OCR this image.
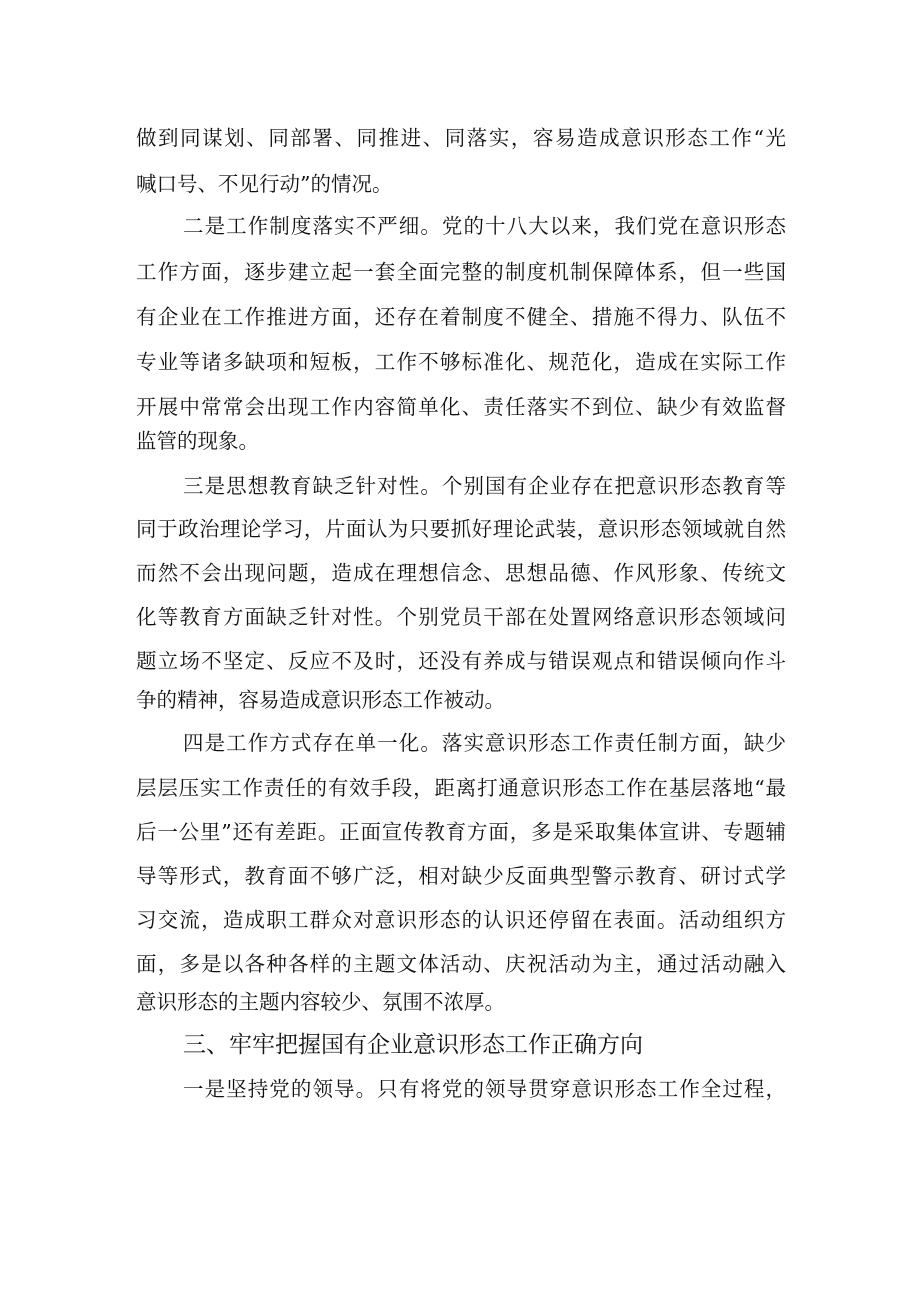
做到同谋划、同部署、同推进、同落实，容易造成意识形态工作“光
喊口号、不见行动”的情况。
二是工作制度落实不严细。党的十八大以来，我们党在意识形态
工作方面，逐步建立起一套全面完整的制度机制保障体系，但一些国
有企业在工作推进方面，还存在着制度不健全、措施不得力、队伍不
专业等诸多缺项和短板，工作不够标准化、规范化，造成在实际工作
开展中常常会出现工作内容简单化、责任落实不到位、缺少有效监督
监管的现象。
三是思想教育缺乏针对性。个别国有企业存在把意识形态教育等
同于政治理论学习，片面认为只要抓好理论武装，意识形态领域就自然
而然不会出现问题，造成在理想信念、思想品德、作风形象、传统文
化等教育方面缺乏针对性。个别党员干部在处置网络意识形态领域问
题立场不坚定、反应不及时，还没有养成与错误观点和错误倾向作斗
争的精神，容易造成意识形态工作被动。
四是工作方式存在单一化。落实意识形态工作责任制方面，缺少
层层压实工作责任的有效手段，距离打通意识形态工作在基层落地“最
后一公里”还有差距。正面宣传教育方面，多是采取集体宣讲、专题辅
导等形式，教育面不够广泛，相对缺少反面典型警示教育、研讨式学
习交流，造成职工群众对意识形态的认识还停留在表面。活动组织方
面，多是以各种各样的主题文体活动、庆祝活动为主，通过活动融入
意识形态的主题内容较少、氛围不浓厚。
三、牢牢把握国有企业意识形态工作正确方向
一是坚持党的领导。只有将党的领导贯穿意识形态工作全过程，
